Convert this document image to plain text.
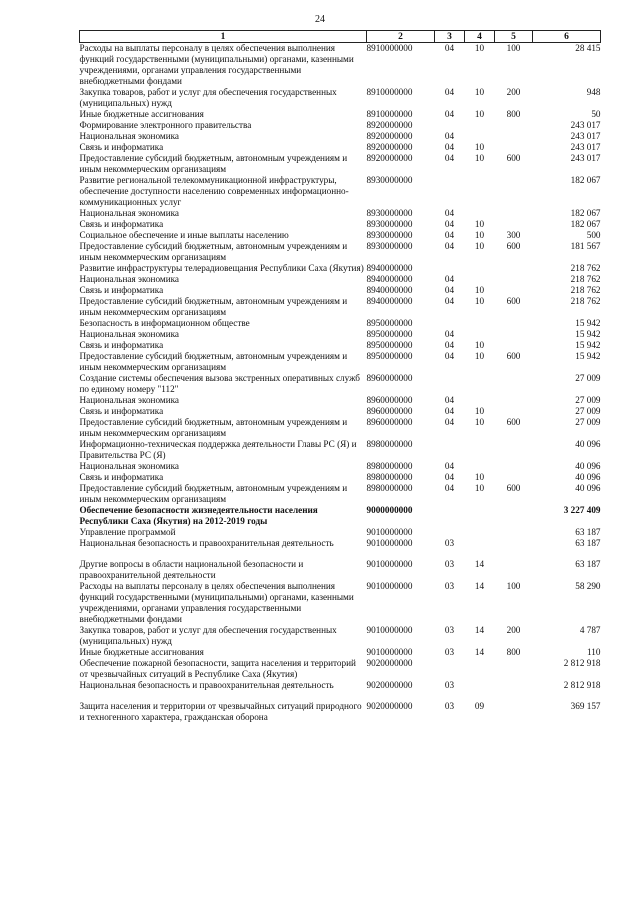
24
1	2	3	4	5	6
Расходы на выплаты персоналу в целях обеспечения выполнения функций государственными (муниципальными) органами, казенными учреждениями, органами управления государственными внебюджетными фондами	8910000000	04	10	100	28 415
Закупка товаров, работ и услуг для обеспечения государственных (муниципальных) нужд	8910000000	04	10	200	948
Иные бюджетные ассигнования	8910000000	04	10	800	50
Формирование электронного правительства	8920000000				243 017
Национальная экономика	8920000000	04			243 017
Связь и информатика	8920000000	04	10		243 017
Предоставление субсидий бюджетным, автономным учреждениям и иным некоммерческим организациям	8920000000	04	10	600	243 017
Развитие региональной телекоммуникационной инфраструктуры, обеспечение доступности населению современных информационно-коммуникационных услуг	8930000000				182 067
Национальная экономика	8930000000	04			182 067
Связь и информатика	8930000000	04	10		182 067
Социальное обеспечение и иные выплаты населению	8930000000	04	10	300	500
Предоставление субсидий бюджетным, автономным учреждениям и иным некоммерческим организациям	8930000000	04	10	600	181 567
Развитие инфраструктуры телерадиовещания Республики Саха (Якутия)	8940000000				218 762
Национальная экономика	8940000000	04			218 762
Связь и информатика	8940000000	04	10		218 762
Предоставление субсидий бюджетным, автономным учреждениям и иным некоммерческим организациям	8940000000	04	10	600	218 762
Безопасность в информационном обществе	8950000000				15 942
Национальная экономика	8950000000	04			15 942
Связь и информатика	8950000000	04	10		15 942
Предоставление субсидий бюджетным, автономным учреждениям и иным некоммерческим организациям	8950000000	04	10	600	15 942
Создание системы обеспечения вызова экстренных оперативных служб по единому номеру "112"	8960000000				27 009
Национальная экономика	8960000000	04			27 009
Связь и информатика	8960000000	04	10		27 009
Предоставление субсидий бюджетным, автономным учреждениям и иным некоммерческим организациям	8960000000	04	10	600	27 009
Информационно-техническая поддержка деятельности Главы РС (Я) и Правительства РС (Я)	8980000000				40 096
Национальная экономика	8980000000	04			40 096
Связь и информатика	8980000000	04	10		40 096
Предоставление субсидий бюджетным, автономным учреждениям и иным некоммерческим организациям	8980000000	04	10	600	40 096
Обеспечение безопасности жизнедеятельности населения Республики Саха (Якутия) на 2012-2019 годы	9000000000				3 227 409
Управление программой	9010000000				63 187
Национальная безопасность и правоохранительная деятельность	9010000000	03			63 187
Другие вопросы в области национальной безопасности и правоохранительной деятельности	9010000000	03	14		63 187
Расходы на выплаты персоналу в целях обеспечения выполнения функций государственными (муниципальными) органами, казенными учреждениями, органами управления государственными внебюджетными фондами	9010000000	03	14	100	58 290
Закупка товаров, работ и услуг для обеспечения государственных (муниципальных) нужд	9010000000	03	14	200	4 787
Иные бюджетные ассигнования	9010000000	03	14	800	110
Обеспечение пожарной безопасности, защита населения и территорий от чрезвычайных ситуаций в Республике Саха (Якутия)	9020000000				2 812 918
Национальная безопасность и правоохранительная деятельность	9020000000	03			2 812 918
Защита населения и территории от чрезвычайных ситуаций природного и техногенного характера, гражданская оборона	9020000000	03	09		369 157
